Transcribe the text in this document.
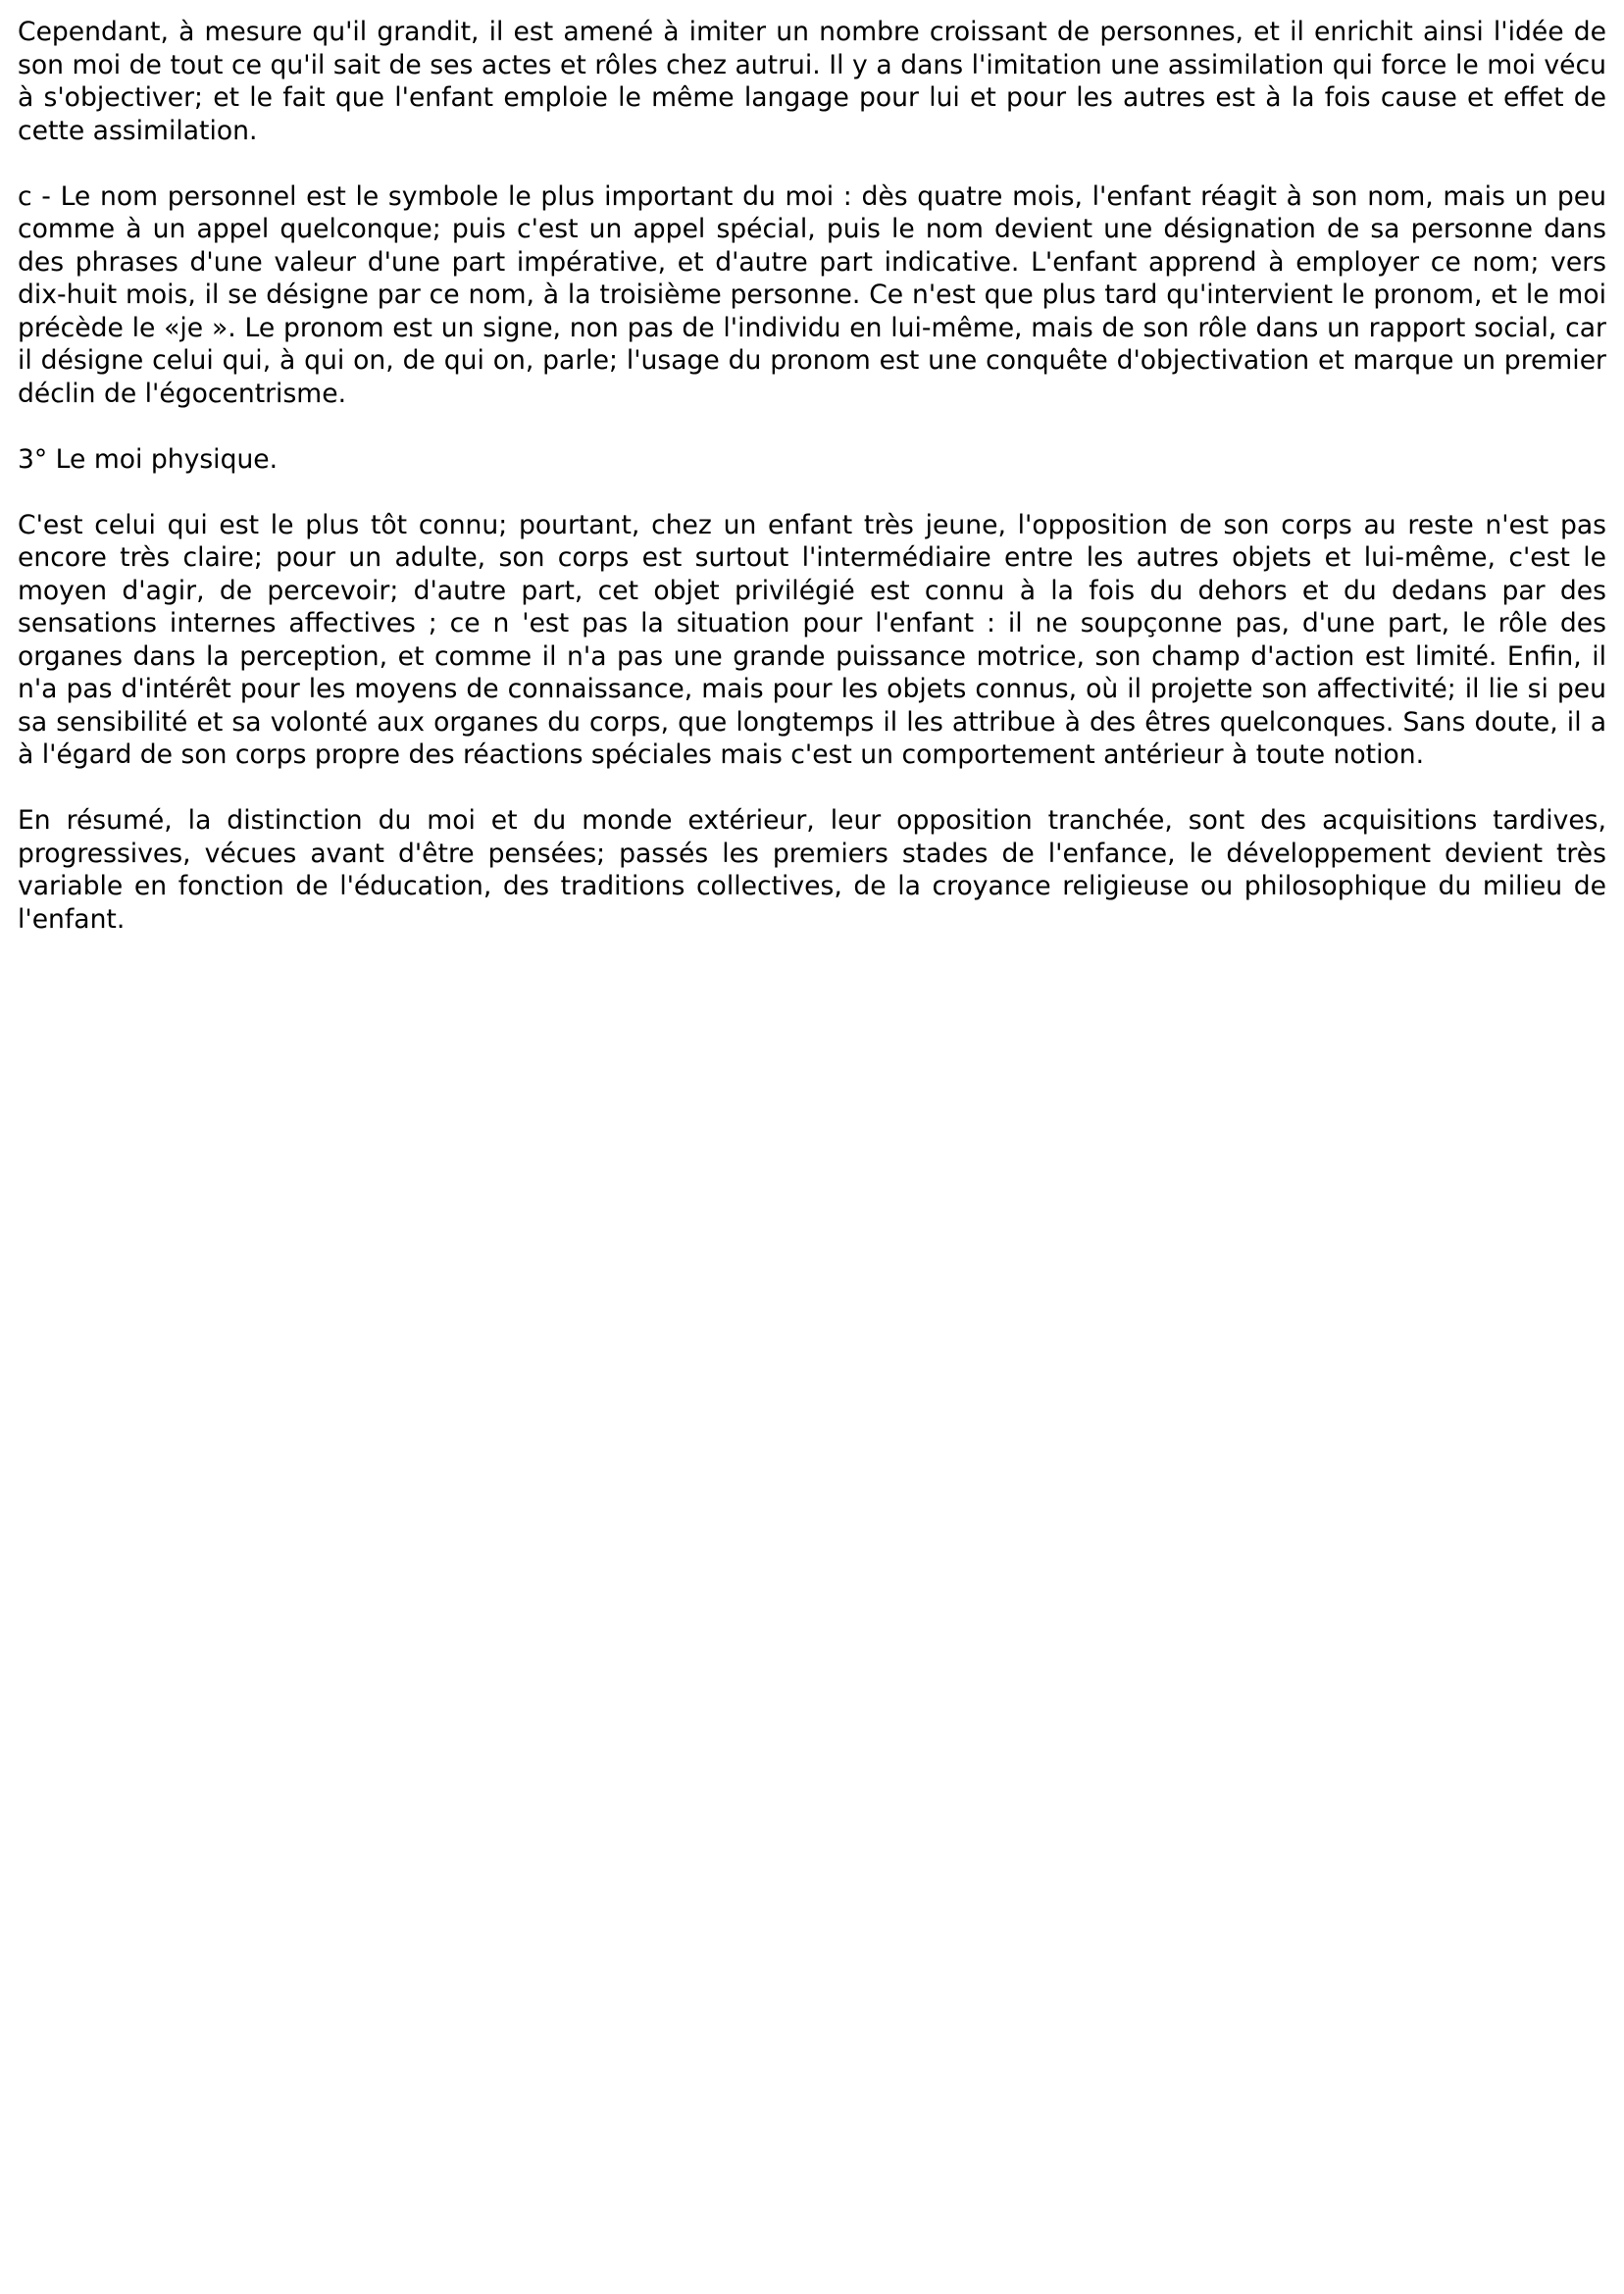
Cependant, à mesure qu'il grandit, il est amené à imiter un nombre croissant de personnes, et il enrichit ainsi l'idée de son moi de tout ce qu'il sait de ses actes et rôles chez autrui. Il y a dans l'imitation une assimilation qui force le moi vécu à s'objectiver; et le fait que l'enfant emploie le même langage pour lui et pour les autres est à la fois cause et effet de cette assimilation.

c - Le nom personnel est le symbole le plus important du moi : dès quatre mois, l'enfant réagit à son nom, mais un peu comme à un appel quelconque; puis c'est un appel spécial, puis le nom devient une désignation de sa personne dans des phrases d'une valeur d'une part impérative, et d'autre part indicative. L'enfant apprend à employer ce nom; vers dix-huit mois, il se désigne par ce nom, à la troisième personne. Ce n'est que plus tard qu'intervient le pronom, et le moi précède le «je ». Le pronom est un signe, non pas de l'individu en lui-même, mais de son rôle dans un rapport social, car il désigne celui qui, à qui on, de qui on, parle; l'usage du pronom est une conquête d'objectivation et marque un premier déclin de l'égocentrisme.

3° Le moi physique.

C'est celui qui est le plus tôt connu; pourtant, chez un enfant très jeune, l'opposition de son corps au reste n'est pas encore très claire; pour un adulte, son corps est surtout l'intermédiaire entre les autres objets et lui-même, c'est le moyen d'agir, de percevoir; d'autre part, cet objet privilégié est connu à la fois du dehors et du dedans par des sensations internes affectives ; ce n 'est pas la situation pour l'enfant : il ne soupçonne pas, d'une part, le rôle des organes dans la perception, et comme il n'a pas une grande puissance motrice, son champ d'action est limité. Enfin, il n'a pas d'intérêt pour les moyens de connaissance, mais pour les objets connus, où il projette son affectivité; il lie si peu sa sensibilité et sa volonté aux organes du corps, que longtemps il les attribue à des êtres quelconques. Sans doute, il a à l'égard de son corps propre des réactions spéciales mais c'est un comportement antérieur à toute notion.

En résumé, la distinction du moi et du monde extérieur, leur opposition tranchée, sont des acquisitions tardives, progressives, vécues avant d'être pensées; passés les premiers stades de l'enfance, le développement devient très variable en fonction de l'éducation, des traditions collectives, de la croyance religieuse ou philosophique du milieu de l'enfant.
